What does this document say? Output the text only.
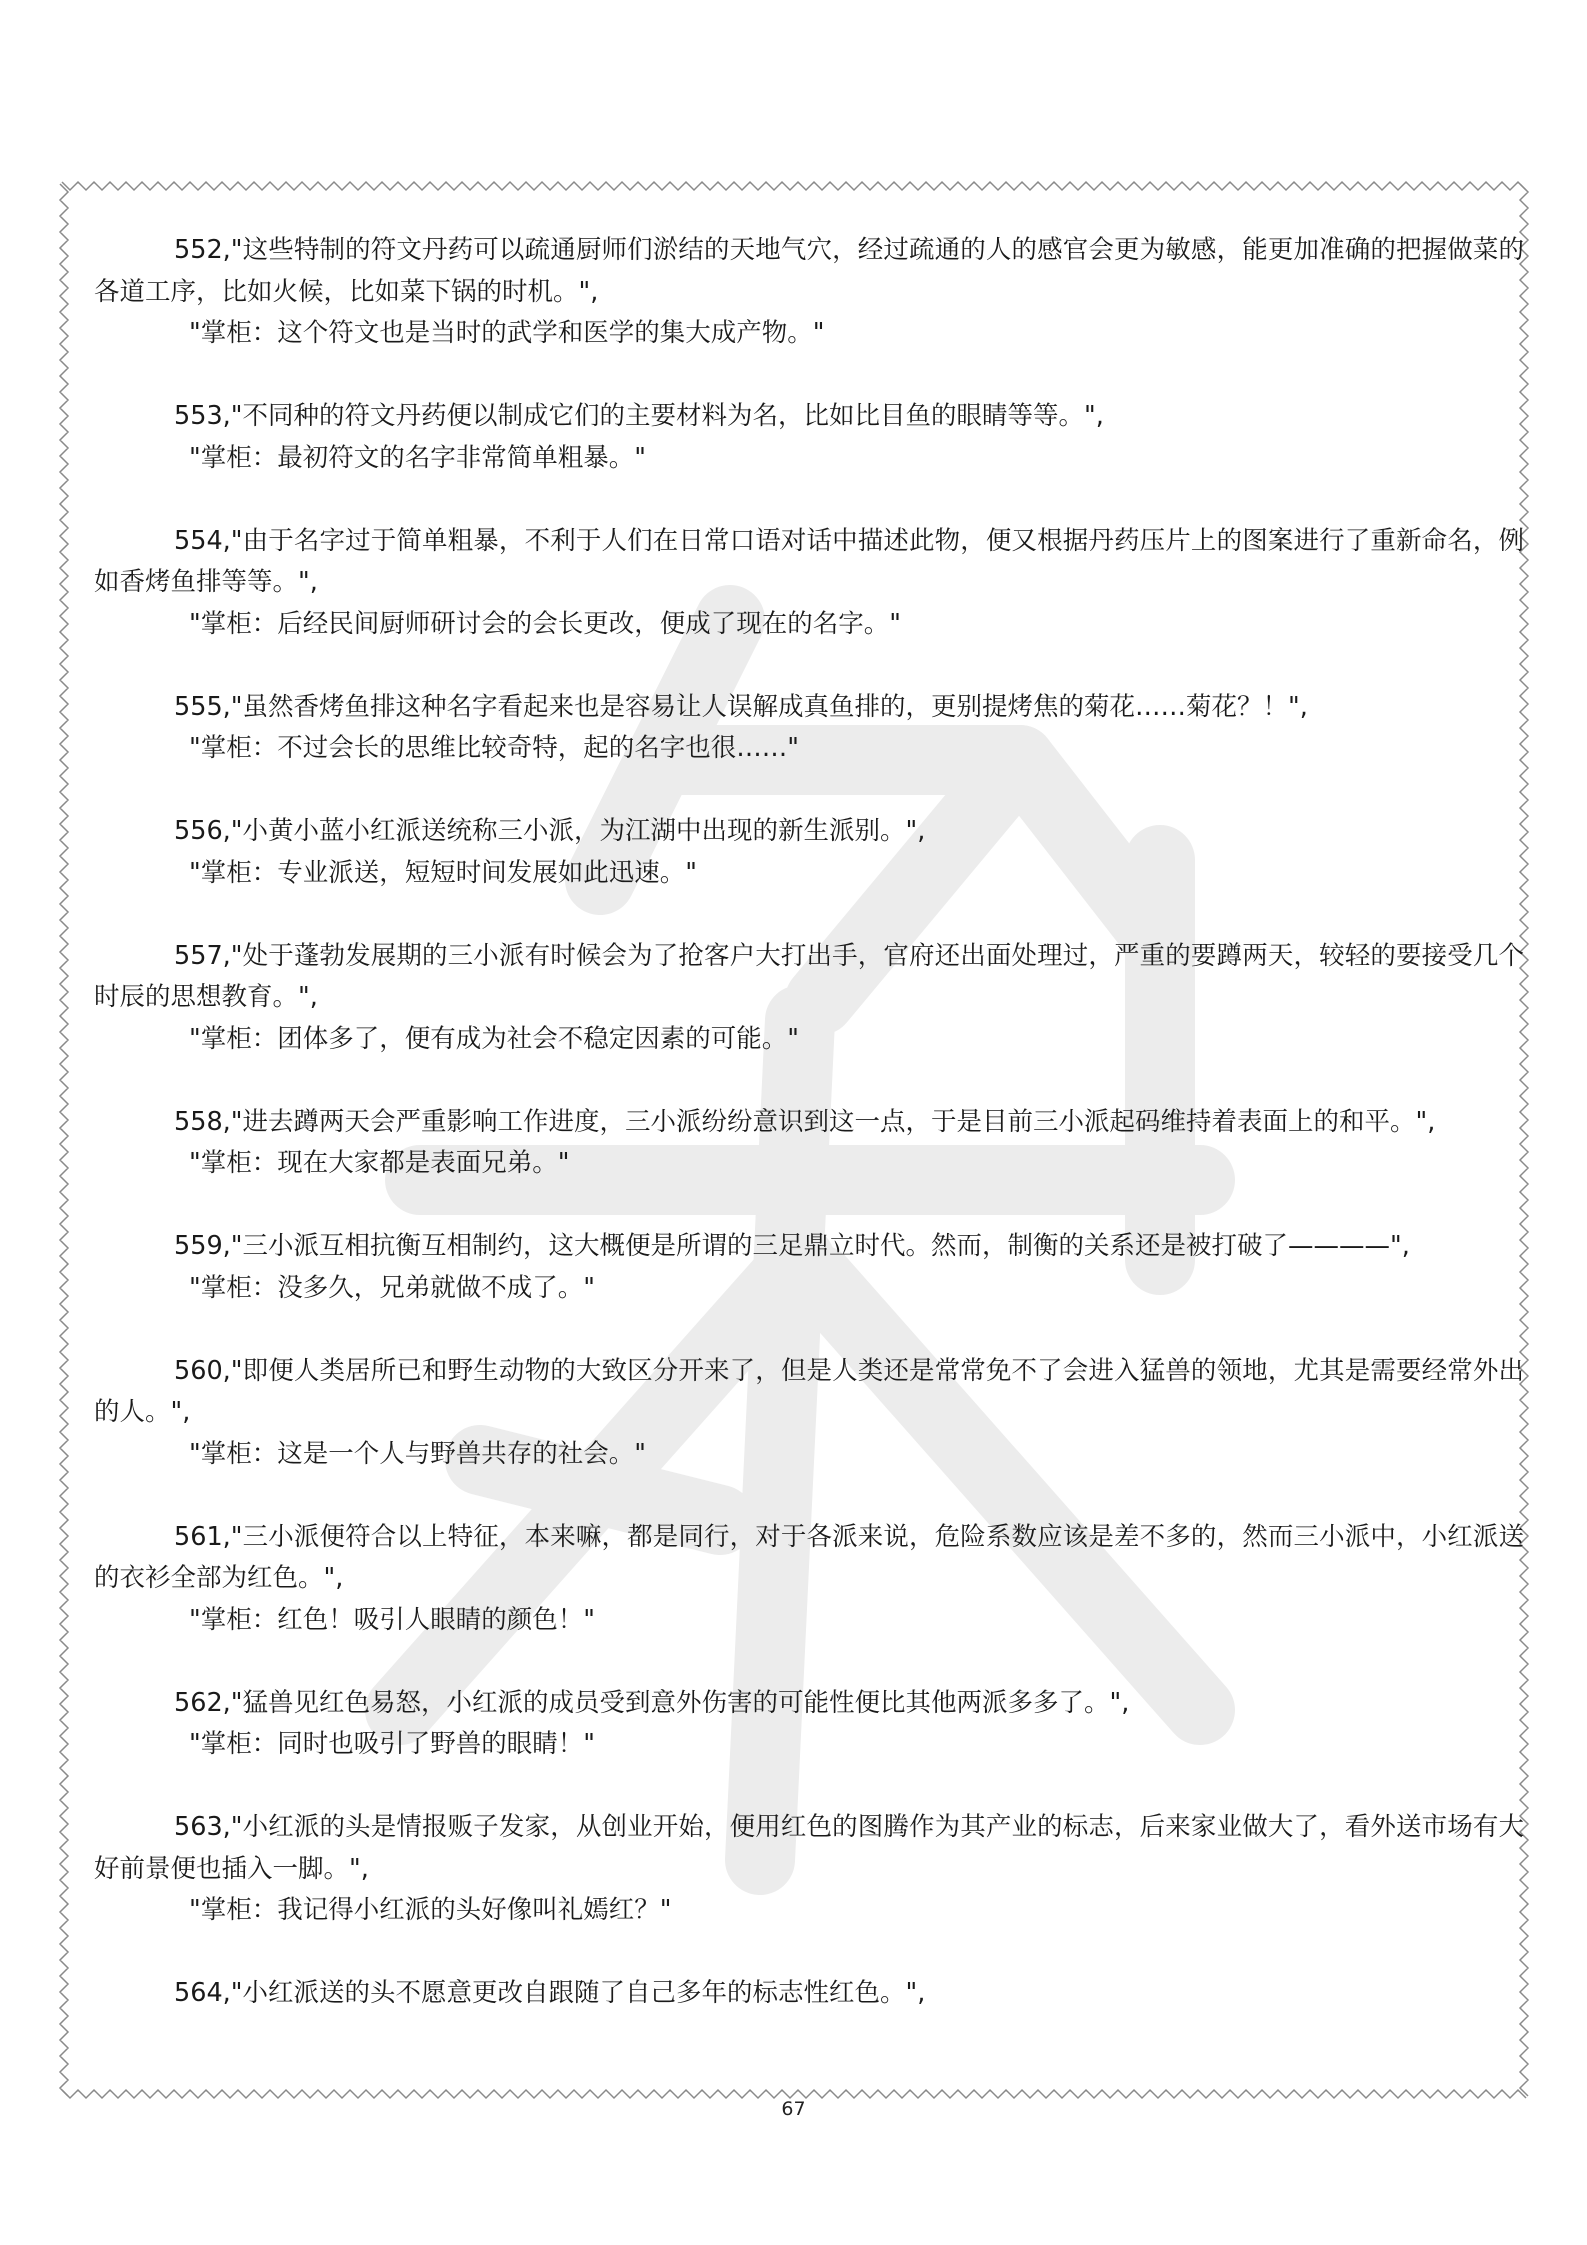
552,"这些特制的符文丹药可以疏通厨师们淤结的天地气穴，经过疏通的人的感官会更为敏感，能更加准确的把握做菜的各道工序，比如火候，比如菜下锅的时机。",

"掌柜：这个符文也是当时的武学和医学的集大成产物。"

553,"不同种的符文丹药便以制成它们的主要材料为名，比如比目鱼的眼睛等等。",

"掌柜：最初符文的名字非常简单粗暴。"

554,"由于名字过于简单粗暴，不利于人们在日常口语对话中描述此物，便又根据丹药压片上的图案进行了重新命名，例如香烤鱼排等等。",

"掌柜：后经民间厨师研讨会的会长更改，便成了现在的名字。"

555,"虽然香烤鱼排这种名字看起来也是容易让人误解成真鱼排的，更别提烤焦的菊花……菊花？！",

"掌柜：不过会长的思维比较奇特，起的名字也很……"

556,"小黄小蓝小红派送统称三小派，为江湖中出现的新生派别。",

"掌柜：专业派送，短短时间发展如此迅速。"

557,"处于蓬勃发展期的三小派有时候会为了抢客户大打出手，官府还出面处理过，严重的要蹲两天，较轻的要接受几个时辰的思想教育。",

"掌柜：团体多了，便有成为社会不稳定因素的可能。"

558,"进去蹲两天会严重影响工作进度，三小派纷纷意识到这一点，于是目前三小派起码维持着表面上的和平。",

"掌柜：现在大家都是表面兄弟。"

559,"三小派互相抗衡互相制约，这大概便是所谓的三足鼎立时代。然而，制衡的关系还是被打破了————",

"掌柜：没多久，兄弟就做不成了。"

560,"即便人类居所已和野生动物的大致区分开来了，但是人类还是常常免不了会进入猛兽的领地，尤其是需要经常外出的人。",

"掌柜：这是一个人与野兽共存的社会。"

561,"三小派便符合以上特征，本来嘛，都是同行，对于各派来说，危险系数应该是差不多的，然而三小派中，小红派送的衣衫全部为红色。",

"掌柜：红色！吸引人眼睛的颜色！"

562,"猛兽见红色易怒，小红派的成员受到意外伤害的可能性便比其他两派多多了。",

"掌柜：同时也吸引了野兽的眼睛！"

563,"小红派的头是情报贩子发家，从创业开始，便用红色的图腾作为其产业的标志，后来家业做大了，看外送市场有大好前景便也插入一脚。",

"掌柜：我记得小红派的头好像叫礼嫣红？"

564,"小红派送的头不愿意更改自跟随了自己多年的标志性红色。",

67
